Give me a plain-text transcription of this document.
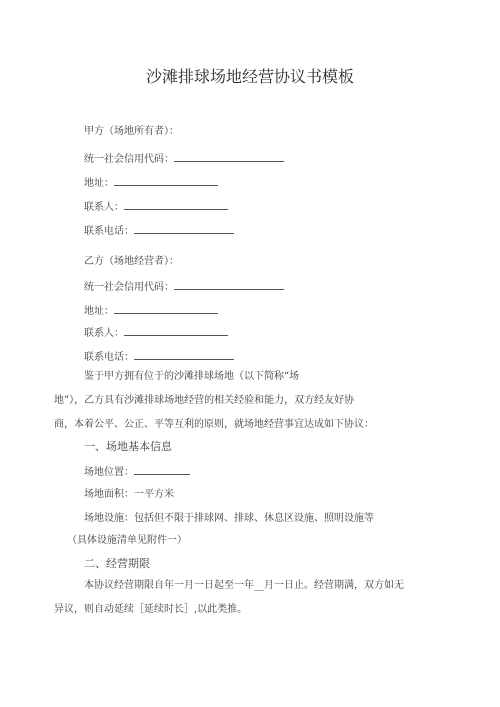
沙滩排球场地经营协议书模板
甲方（场地所有者）：
统一社会信用代码：
地址：
联系人：
联系电话：
乙方（场地经营者）：
统一社会信用代码：
地址：
联系人：
联系电话：
鉴于甲方拥有位于的沙滩排球场地（以下简称“场
地”），乙方具有沙滩排球场地经营的相关经验和能力，双方经友好协
商，本着公平、公正、平等互利的原则，就场地经营事宜达成如下协议：
一、场地基本信息
场地位置：
场地面积：一平方米
场地设施：包括但不限于排球网、排球、休息区设施、照明设施等
（具体设施清单见附件一）
二、经营期限
本协议经营期限自年一月一日起至一年__月一日止。经营期满，双方如无
异议，则自动延续［延续时长］,以此类推。
